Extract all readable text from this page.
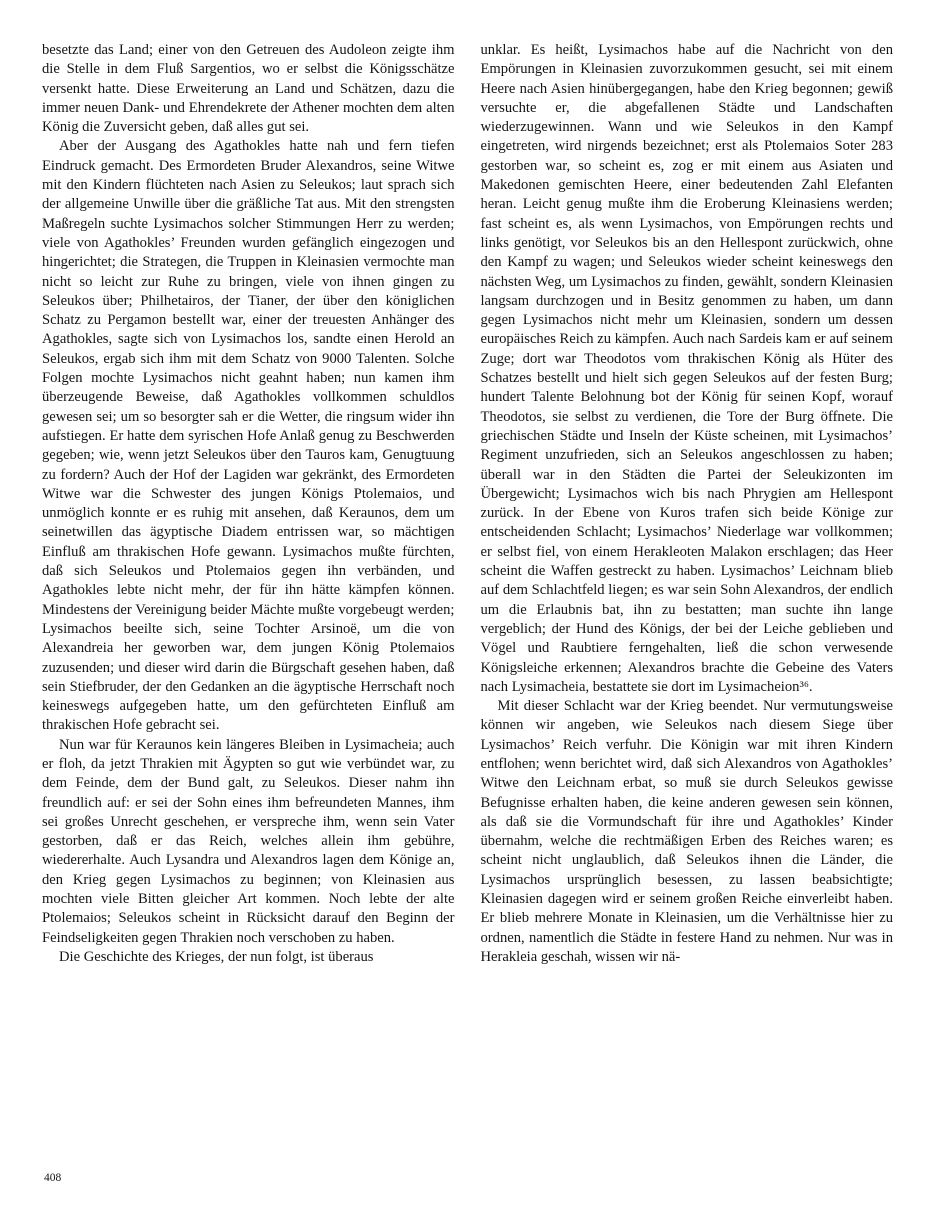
besetzte das Land; einer von den Getreuen des Audoleon zeigte ihm die Stelle in dem Fluß Sargentios, wo er selbst die Königsschätze versenkt hatte. Diese Erweiterung an Land und Schätzen, dazu die immer neuen Dank- und Ehrendekrete der Athener mochten dem alten König die Zuversicht geben, daß alles gut sei.

Aber der Ausgang des Agathokles hatte nah und fern tiefen Eindruck gemacht. Des Ermordeten Bruder Alexandros, seine Witwe mit den Kindern flüchteten nach Asien zu Seleukos; laut sprach sich der allgemeine Unwille über die gräßliche Tat aus. Mit den strengsten Maßregeln suchte Lysimachos solcher Stimmungen Herr zu werden; viele von Agathokles’ Freunden wurden gefänglich eingezogen und hingerichtet; die Strategen, die Truppen in Kleinasien vermochte man nicht so leicht zur Ruhe zu bringen, viele von ihnen gingen zu Seleukos über; Philhetairos, der Tianer, der über den königlichen Schatz zu Pergamon bestellt war, einer der treuesten Anhänger des Agathokles, sagte sich von Lysimachos los, sandte einen Herold an Seleukos, ergab sich ihm mit dem Schatz von 9000 Talenten. Solche Folgen mochte Lysimachos nicht geahnt haben; nun kamen ihm überzeugende Beweise, daß Agathokles vollkommen schuldlos gewesen sei; um so besorgter sah er die Wetter, die ringsum wider ihn aufstiegen. Er hatte dem syrischen Hofe Anlaß genug zu Beschwerden gegeben; wie, wenn jetzt Seleukos über den Tauros kam, Genugtuung zu fordern? Auch der Hof der Lagiden war gekränkt, des Ermordeten Witwe war die Schwester des jungen Königs Ptolemaios, und unmöglich konnte er es ruhig mit ansehen, daß Keraunos, dem um seinetwillen das ägyptische Diadem entrissen war, so mächtigen Einfluß am thrakischen Hofe gewann. Lysimachos mußte fürchten, daß sich Seleukos und Ptolemaios gegen ihn verbänden, und Agathokles lebte nicht mehr, der für ihn hätte kämpfen können. Mindestens der Vereinigung beider Mächte mußte vorgebeugt werden; Lysimachos beeilte sich, seine Tochter Arsinoë, um die von Alexandreia her geworben war, dem jungen König Ptolemaios zuzusenden; und dieser wird darin die Bürgschaft gesehen haben, daß sein Stiefbruder, der den Gedanken an die ägyptische Herrschaft noch keineswegs aufgegeben hatte, um den gefürchteten Einfluß am thrakischen Hofe gebracht sei.

Nun war für Keraunos kein längeres Bleiben in Lysimacheia; auch er floh, da jetzt Thrakien mit Ägypten so gut wie verbündet war, zu dem Feinde, dem der Bund galt, zu Seleukos. Dieser nahm ihn freundlich auf: er sei der Sohn eines ihm befreundeten Mannes, ihm sei großes Unrecht geschehen, er verspreche ihm, wenn sein Vater gestorben, daß er das Reich, welches allein ihm gebühre, wiedererhalte. Auch Lysandra und Alexandros lagen dem Könige an, den Krieg gegen Lysimachos zu beginnen; von Kleinasien aus mochten viele Bitten gleicher Art kommen. Noch lebte der alte Ptolemaios; Seleukos scheint in Rücksicht darauf den Beginn der Feindseligkeiten gegen Thrakien noch verschoben zu haben.

Die Geschichte des Krieges, der nun folgt, ist überaus

unklar. Es heißt, Lysimachos habe auf die Nachricht von den Empörungen in Kleinasien zuvorzukommen gesucht, sei mit einem Heere nach Asien hinübergegangen, habe den Krieg begonnen; gewiß versuchte er, die abgefallenen Städte und Landschaften wiederzugewinnen. Wann und wie Seleukos in den Kampf eingetreten, wird nirgends bezeichnet; erst als Ptolemaios Soter 283 gestorben war, so scheint es, zog er mit einem aus Asiaten und Makedonen gemischten Heere, einer bedeutenden Zahl Elefanten heran. Leicht genug mußte ihm die Eroberung Kleinasiens werden; fast scheint es, als wenn Lysimachos, von Empörungen rechts und links genötigt, vor Seleukos bis an den Hellespont zurückwich, ohne den Kampf zu wagen; und Seleukos wieder scheint keineswegs den nächsten Weg, um Lysimachos zu finden, gewählt, sondern Kleinasien langsam durchzogen und in Besitz genommen zu haben, um dann gegen Lysimachos nicht mehr um Kleinasien, sondern um dessen europäisches Reich zu kämpfen. Auch nach Sardeis kam er auf seinem Zuge; dort war Theodotos vom thrakischen König als Hüter des Schatzes bestellt und hielt sich gegen Seleukos auf der festen Burg; hundert Talente Belohnung bot der König für seinen Kopf, worauf Theodotos, sie selbst zu verdienen, die Tore der Burg öffnete. Die griechischen Städte und Inseln der Küste scheinen, mit Lysimachos’ Regiment unzufrieden, sich an Seleukos angeschlossen zu haben; überall war in den Städten die Partei der Seleukizonten im Übergewicht; Lysimachos wich bis nach Phrygien am Hellespont zurück. In der Ebene von Kuros trafen sich beide Könige zur entscheidenden Schlacht; Lysimachos’ Niederlage war vollkommen; er selbst fiel, von einem Herakleoten Malakon erschlagen; das Heer scheint die Waffen gestreckt zu haben. Lysimachos’ Leichnam blieb auf dem Schlachtfeld liegen; es war sein Sohn Alexandros, der endlich um die Erlaubnis bat, ihn zu bestatten; man suchte ihn lange vergeblich; der Hund des Königs, der bei der Leiche geblieben und Vögel und Raubtiere ferngehalten, ließ die schon verwesende Königsleiche erkennen; Alexandros brachte die Gebeine des Vaters nach Lysimacheia, bestattete sie dort im Lysimacheion³⁶.

Mit dieser Schlacht war der Krieg beendet. Nur vermutungsweise können wir angeben, wie Seleukos nach diesem Siege über Lysimachos’ Reich verfuhr. Die Königin war mit ihren Kindern entflohen; wenn berichtet wird, daß sich Alexandros von Agathokles’ Witwe den Leichnam erbat, so muß sie durch Seleukos gewisse Befugnisse erhalten haben, die keine anderen gewesen sein können, als daß sie die Vormundschaft für ihre und Agathokles’ Kinder übernahm, welche die rechtmäßigen Erben des Reiches waren; es scheint nicht unglaublich, daß Seleukos ihnen die Länder, die Lysimachos ursprünglich besessen, zu lassen beabsichtigte; Kleinasien dagegen wird er seinem großen Reiche einverleibt haben. Er blieb mehrere Monate in Kleinasien, um die Verhältnisse hier zu ordnen, namentlich die Städte in festere Hand zu nehmen. Nur was in Herakleia geschah, wissen wir nä-

408
